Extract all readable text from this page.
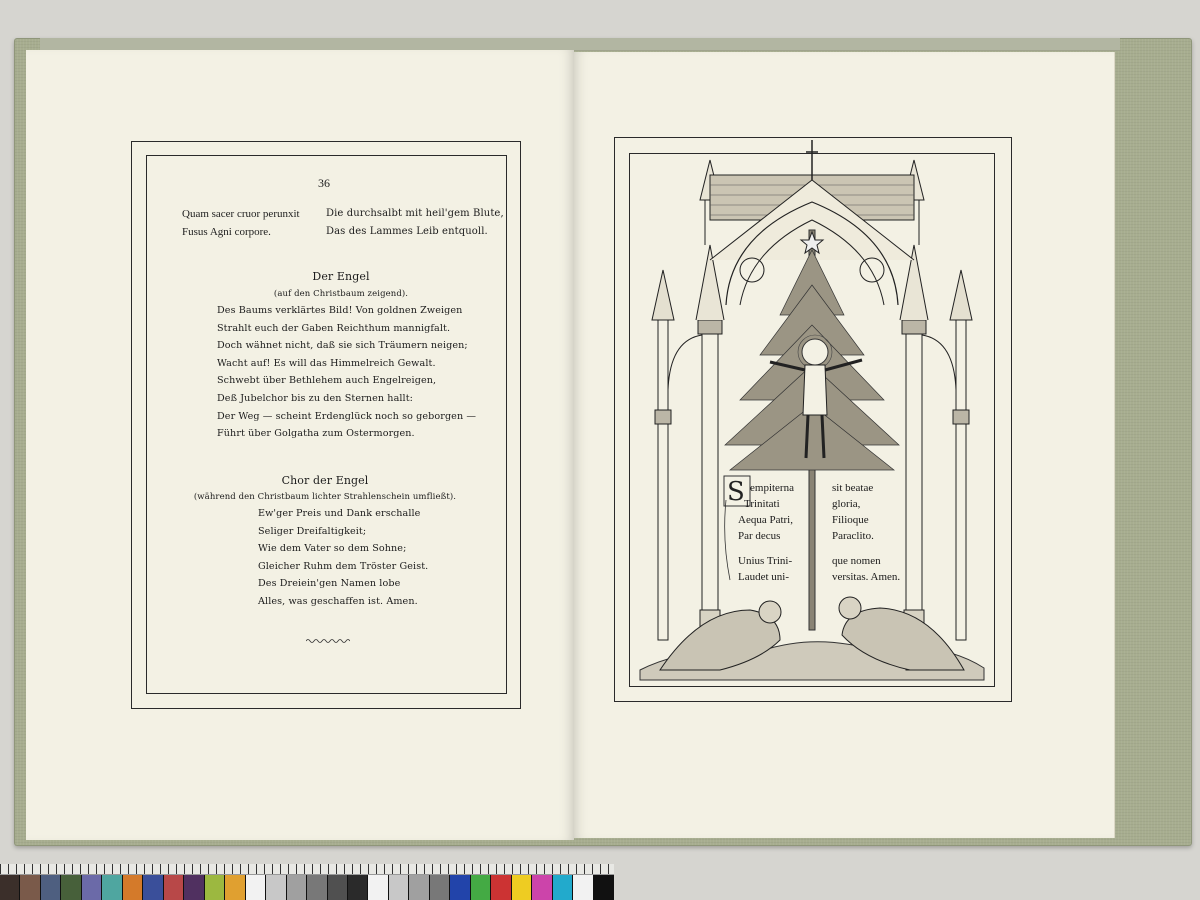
36
Quam sacer cruor perunxit
Fusus Agni corpore.
Die durchsalbt mit heil'gem Blute,
Das des Lammes Leib entquoll.
Der Engel
(auf den Christbaum zeigend).
Des Baums verklärtes Bild! Von goldnen Zweigen
Strahlt euch der Gaben Reichthum mannigfalt.
Doch wähnet nicht, daß sie sich Träumern neigen;
Wacht auf! Es will das Himmelreich Gewalt.
Schwebt über Bethlehem auch Engelreigen,
Deß Jubelchor bis zu den Sternen hallt:
Der Weg — scheint Erdenglück noch so geborgen —
Führt über Golgatha zum Ostermorgen.
Chor der Engel
(während den Christbaum lichter Strahlenschein umfließt).
Ew'ger Preis und Dank erschalle
Seliger Dreifaltigkeit;
Wie dem Vater so dem Sohne;
Gleicher Ruhm dem Tröster Geist.
Des Dreiein'gen Namen lobe
Alles, was geschaffen ist. Amen.
S empiterna
Trinitati
Aequa Patri,
Par decus
Unius Trini-
Laudet uni-
sit beatae
gloria,
Filioque
Paraclito.
que nomen
versitas. Amen.
